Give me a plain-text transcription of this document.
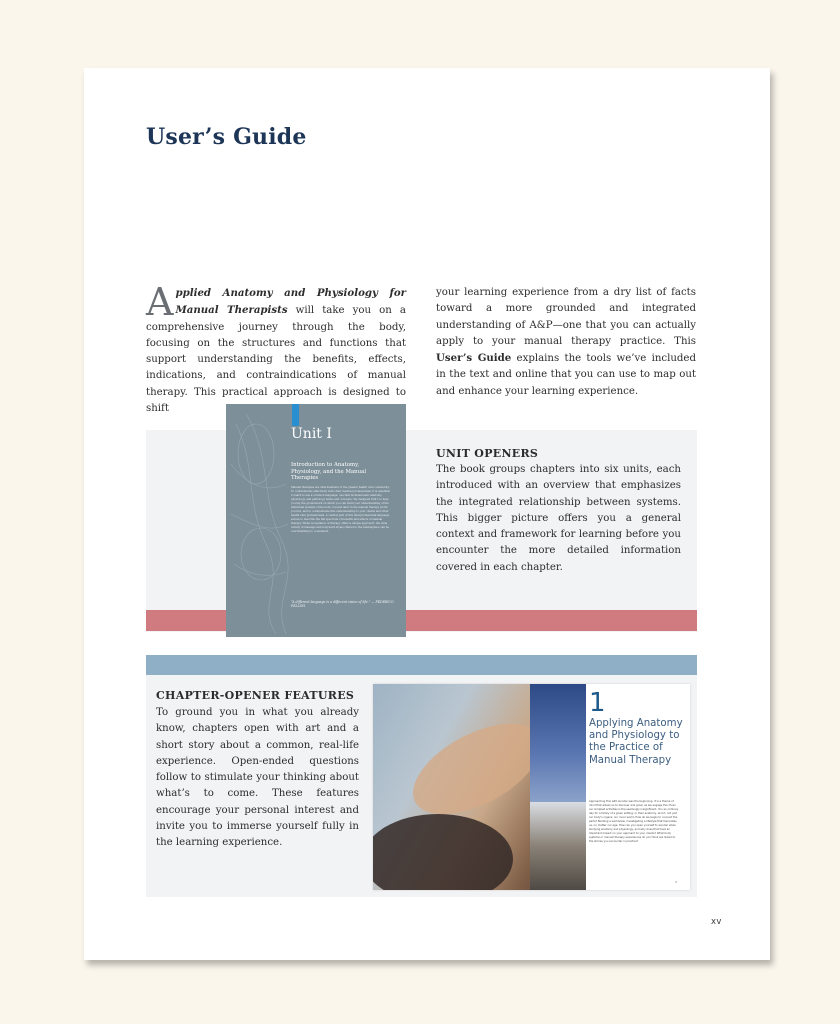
User’s Guide
Applied Anatomy and Physiology for Manual Therapists will take you on a comprehensive journey through the body, focusing on the structures and functions that support understanding the benefits, effects, indications, and contraindications of manual therapy. This practical approach is designed to shift
your learning experience from a dry list of facts toward a more grounded and integrated understanding of A&P—one that you can actually apply to your manual therapy practice. This User’s Guide explains the tools we’ve included in the text and online that you can use to map out and enhance your learning experience.
Unit I
Introduction to Anatomy, Physiology, and the Manual Therapies
Manual therapies are vital members of the greater health care community. To communicate effectively with other medical professionals, it is essential to learn to use a common language: one that includes basic anatomy, physiology, and pathology terms and concepts. We designed Unit I to help you lay the groundwork on which you can build your understanding of the individual systems of the body covered later in the manual therapy world you live, and to communicate this understanding to your clients and other health care professionals. A central part of this interprofessional language serves to describe the full spectrum of benefits and effects of manual therapy. Wider acceptance of therapy offers a unique approach: the wide variety of massage and bodywork styles offered to the marketplace can be overwhelming to consumers.
“A different language is a different vision of life.” — FEDERICO FELLINI
UNIT OPENERS
The book groups chapters into six units, each introduced with an overview that emphasizes the integrated relationship between systems. This bigger picture offers you a general context and framework for learning before you encounter the more detailed information covered in each chapter.
CHAPTER-OPENER FEATURES
To ground you in what you already know, chapters open with art and a short story about a common, real-life experience. Open-ended questions follow to stimulate your thinking about what’s to come. These features encourage your personal interest and invite you to immerse yourself fully in the learning experience.
1
Applying Anatomy and Physiology to the Practice of Manual Therapy
Approaching this with wonder was the beginning. It is a theme of mind that allows us to discover and grow; as we engage this: Even our simplest activities is the seemingly insignificant. It is an ordinary day for a family of a given setting: in their anatomy, and it, not just our body's organs; our inner world. How do we begin to connect the parts? Building a worldview. Investigating a lifestyle that fascinates us, no matter our age. How can you open yourself to wonder when studying anatomy and physiology, and why does that have an important impact on your approach to your clients? What body systems or manual therapy experiences do you think are linked to the stories you encounter in practice?
3
xv
